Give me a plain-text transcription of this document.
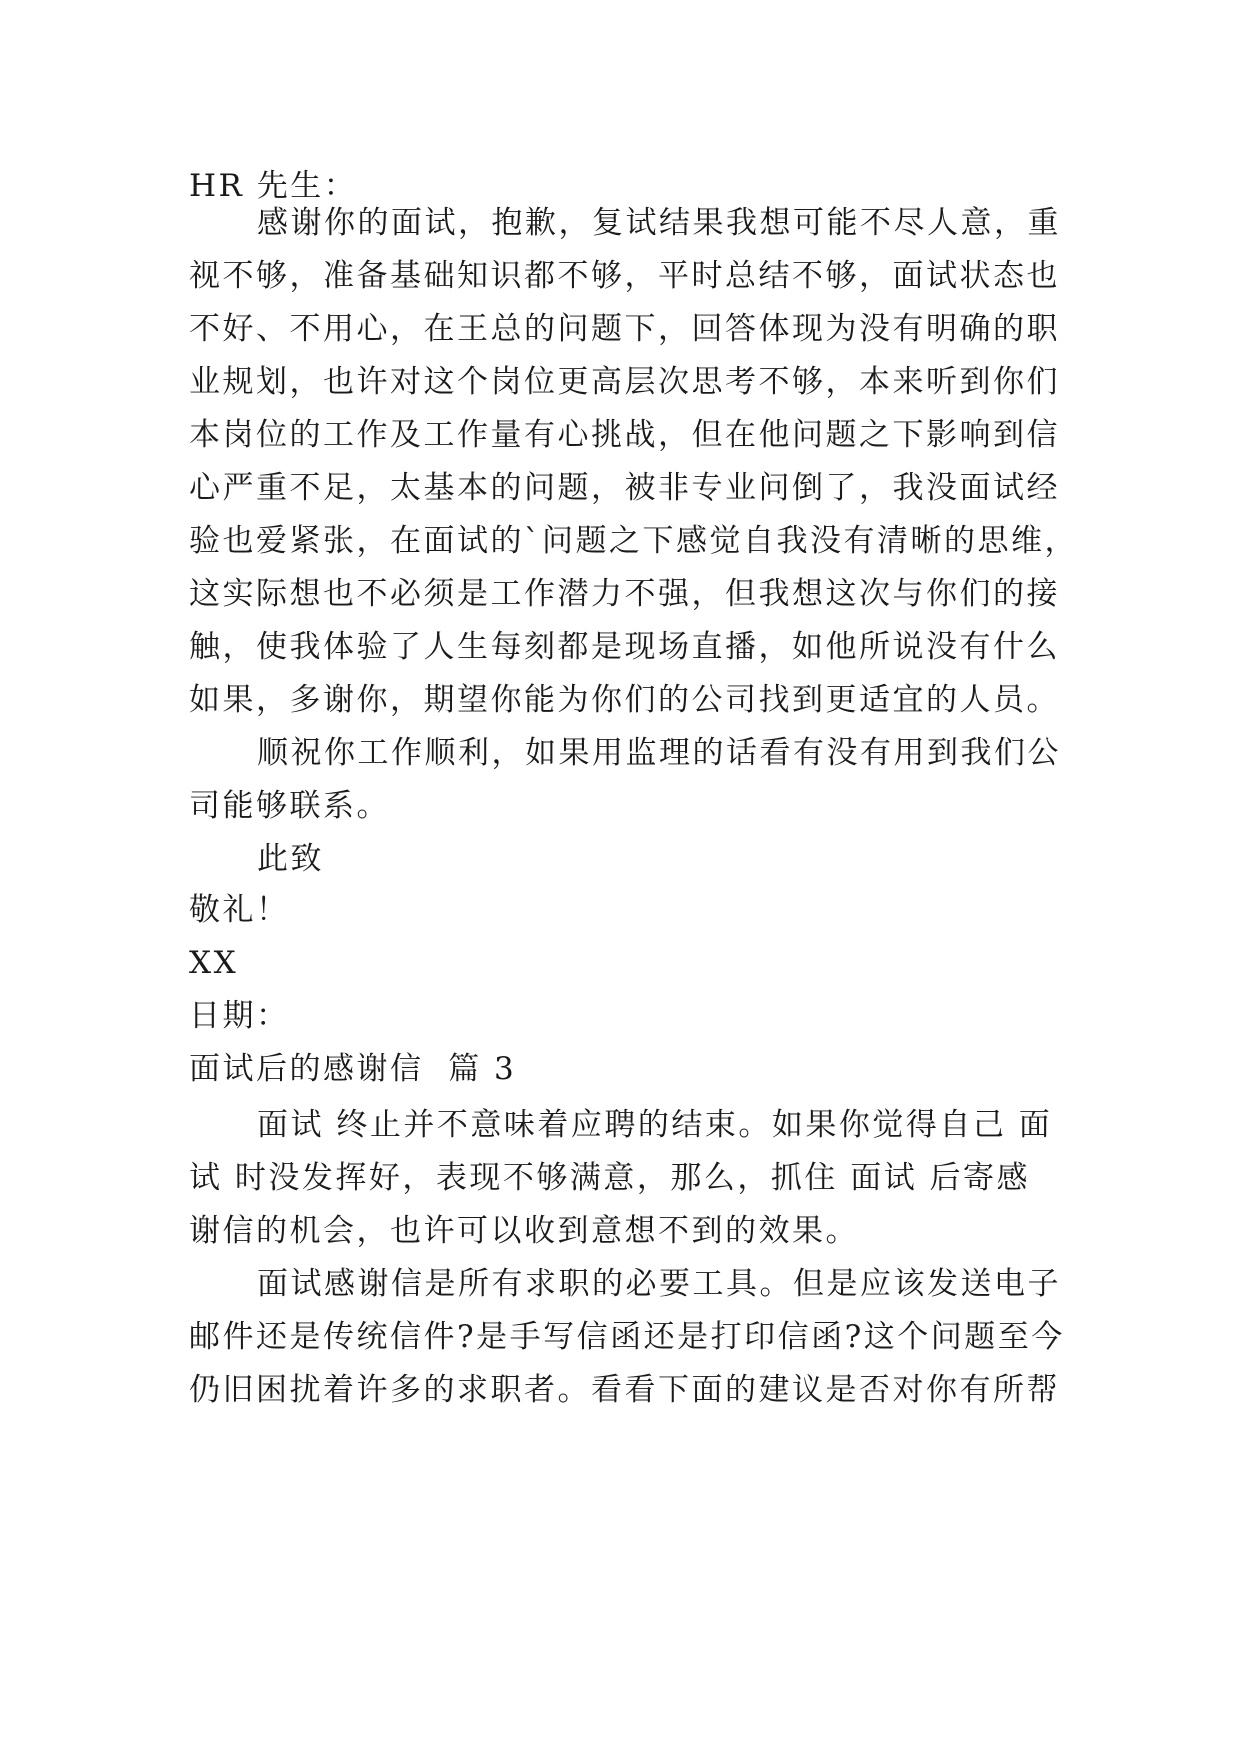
HR 先生：
感谢你的面试，抱歉，复试结果我想可能不尽人意，重
视不够，准备基础知识都不够，平时总结不够，面试状态也
不好、不用心，在王总的问题下，回答体现为没有明确的职
业规划，也许对这个岗位更高层次思考不够，本来听到你们
本岗位的工作及工作量有心挑战，但在他问题之下影响到信
心严重不足，太基本的问题，被非专业问倒了，我没面试经
验也爱紧张，在面试的`问题之下感觉自我没有清晰的思维，
这实际想也不必须是工作潜力不强，但我想这次与你们的接
触，使我体验了人生每刻都是现场直播，如他所说没有什么
如果，多谢你，期望你能为你们的公司找到更适宜的人员。
顺祝你工作顺利，如果用监理的话看有没有用到我们公
司能够联系。
此致
敬礼！
XX
日期：
面试后的感谢信  篇 3
面试 终止并不意味着应聘的结束。如果你觉得自己 面
试 时没发挥好，表现不够满意，那么，抓住 面试 后寄感
谢信的机会，也许可以收到意想不到的效果。
面试感谢信是所有求职的必要工具。但是应该发送电子
邮件还是传统信件?是手写信函还是打印信函?这个问题至今
仍旧困扰着许多的求职者。看看下面的建议是否对你有所帮
